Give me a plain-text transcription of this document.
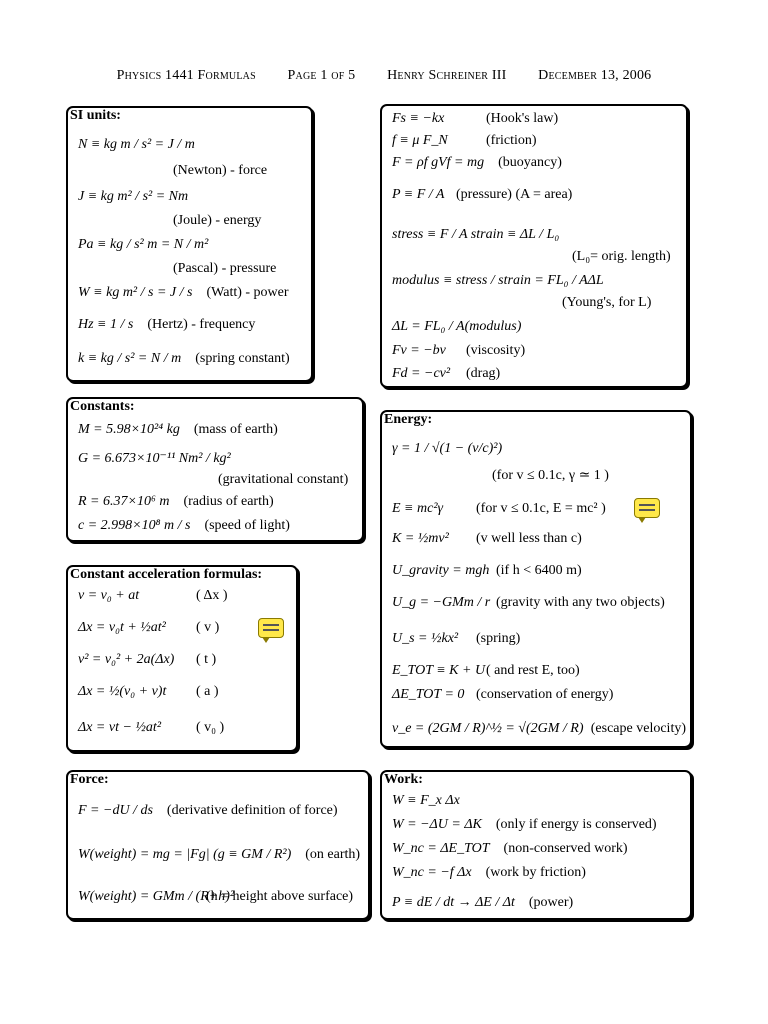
Physics 1441 Formulas Page 1 of 5 Henry Schreiner III December 13, 2006
SI units:
N ≡ kg m / s² = J / m
(Newton) - force
J ≡ kg m² / s² = Nm
(Joule) - energy
Pa ≡ kg / s² m = N / m²
(Pascal) - pressure
W ≡ kg m² / s = J / s (Watt) - power
Hz ≡ 1 / s (Hertz) - frequency
k ≡ kg / s² = N / m (spring constant)
Constants:
M = 5.98×10²⁴ kg (mass of earth)
G = 6.673×10⁻¹¹ Nm² / kg²
(gravitational constant)
R = 6.37×10⁶ m (radius of earth)
c = 2.998×10⁸ m / s (speed of light)
Constant acceleration formulas:
v = v₀ + at	( Δx )
Δx = v₀t + ½at²	( v )
v² = v₀² + 2a(Δx)	( t )
Δx = ½(v₀ + v)t	( a )
Δx = vt − ½at²	( v₀ )
Force:
F = −dU / ds (derivative definition of force)
W(weight) = mg = |Fg| (g ≡ GM / R²) (on earth)
W(weight) = GMm / (R+h)²
(h = height above surface)
Fs ≡ −kx	(Hook's law)
f ≡ μ F_N	(friction)
F = ρf gVf = mg (buoyancy)
P ≡ F / A (pressure) (A = area)
stress ≡ F / A strain ≡ ΔL / L₀
(L₀= orig. length)
modulus ≡ stress / strain = FL₀ / AΔL
(Young's, for L)
ΔL = FL₀ / A(modulus)
Fv = −bv	(viscosity)
Fd = −cv² (drag)
Energy:
γ = 1 / √(1 − (v/c)²)
(for v ≤ 0.1c, γ ≃ 1 )
E ≡ mc²γ	(for v ≤ 0.1c, E = mc² )
K = ½mv²	(v well less than c)
U_gravity = mgh (if h < 6400 m)
U_g = −GMm / r (gravity with any two objects)
U_s = ½kx² (spring)
E_TOT ≡ K + U ( and rest E, too)
ΔE_TOT = 0 (conservation of energy)
v_e = (2GM / R)^½ = √(2GM / R) (escape velocity)
Work:
W ≡ F_x Δx
W = −ΔU = ΔK (only if energy is conserved)
W_nc = ΔE_TOT (non-conserved work)
W_nc = −f Δx (work by friction)
P ≡ dE / dt → ΔE / Δt (power)
